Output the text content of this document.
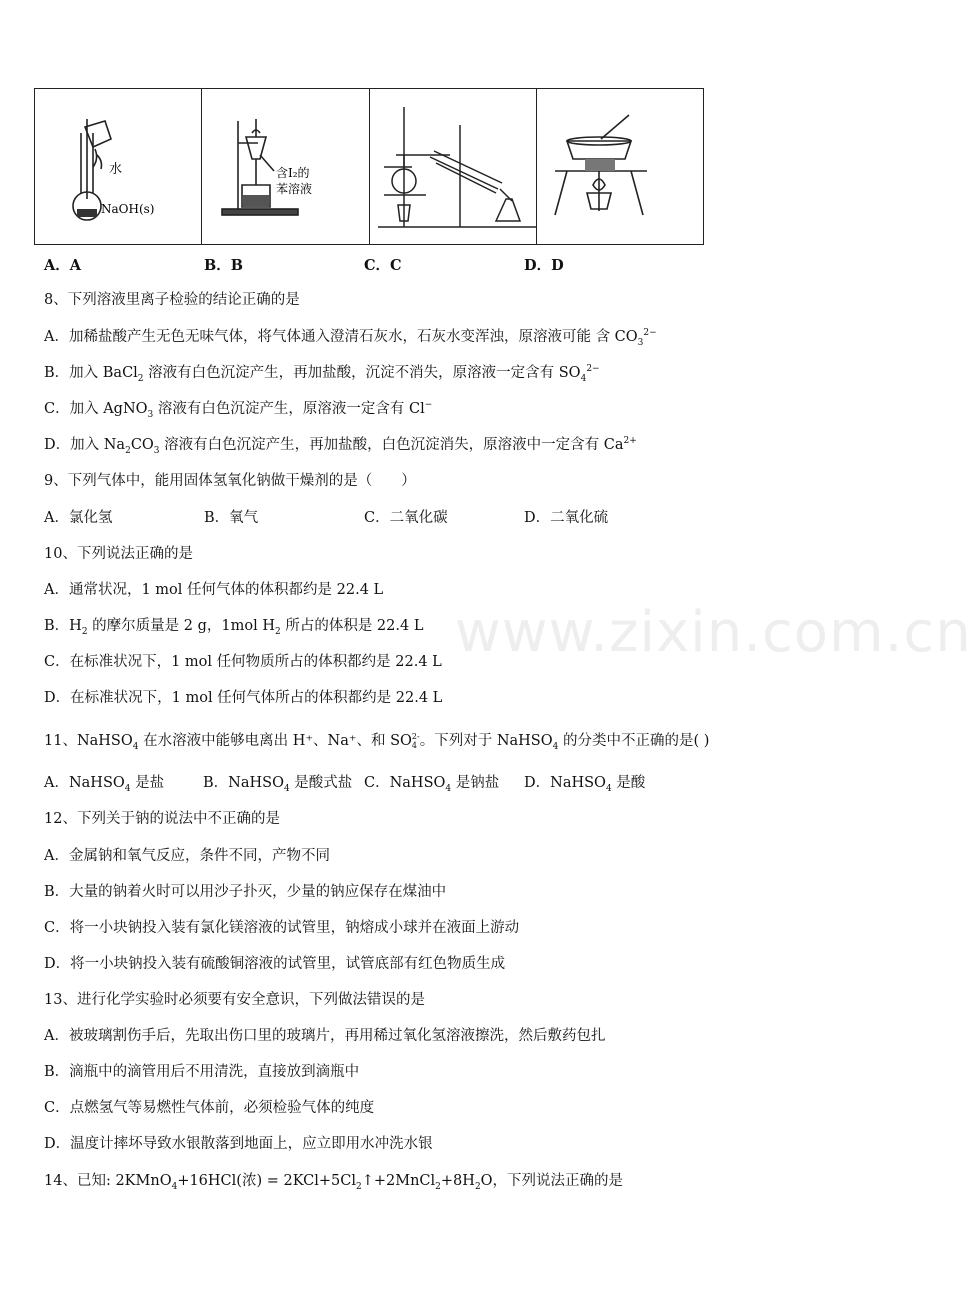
水
NaOH(s)

含I₂的
苯溶液

A．A	B．B	C．C	D．D
8、下列溶液里离子检验的结论正确的是
A．加稀盐酸产生无色无味气体，将气体通入澄清石灰水，石灰水变浑浊，原溶液可能 含 $CO_3^{2-}$
B．加入 BaCl$_2$ 溶液有白色沉淀产生，再加盐酸，沉淀不消失，原溶液一定含有 $SO_4^{2-}$
C．加入 AgNO$_3$ 溶液有白色沉淀产生，原溶液一定含有 Cl−
D．加入 $Na_2CO_3$ 溶液有白色沉淀产生，再加盐酸，白色沉淀消失，原溶液中一定含有 $Ca^{2+}$
9、下列气体中，能用固体氢氧化钠做干燥剂的是（　　）
A．氯化氢	B．氧气	C．二氧化碳	D．二氧化硫
10、下列说法正确的是
A．通常状况，1 mol 任何气体的体积都约是 22.4 L
B．$H_2$ 的摩尔质量是 2 g，1mol $H_2$ 所占的体积是 22.4 L
C．在标准状况下，1 mol 任何物质所占的体积都约是 22.4 L
D．在标准状况下，1 mol 任何气体所占的体积都约是 22.4 L
11、NaHSO$_4$ 在水溶液中能够电离出 H⁺、Na⁺、和 SO 2-
4 。下列对于 NaHSO$_4$ 的分类中不正确的是( )
A．NaHSO$_4$ 是盐	B．NaHSO$_4$ 是酸式盐 C．NaHSO$_4$ 是钠盐 D．NaHSO$_4$ 是酸
12、下列关于钠的说法中不正确的是
A．金属钠和氧气反应，条件不同，产物不同
B．大量的钠着火时可以用沙子扑灭，少量的钠应保存在煤油中
C．将一小块钠投入装有氯化镁溶液的试管里，钠熔成小球并在液面上游动
D．将一小块钠投入装有硫酸铜溶液的试管里，试管底部有红色物质生成
13、进行化学实验时必须要有安全意识，下列做法错误的是
A．被玻璃割伤手后，先取出伤口里的玻璃片，再用稀过氧化氢溶液擦洗，然后敷药包扎
B．滴瓶中的滴管用后不用清洗，直接放到滴瓶中
C．点燃氢气等易燃性气体前，必须检验气体的纯度
D．温度计摔坏导致水银散落到地面上，应立即用水冲洗水银
14、已知: 2KMnO$_4$+16HCl(浓) = $2KCl+5Cl_2↑+2MnCl_2+8H_2O$，下列说法正确的是
www.zixin.com.cn
